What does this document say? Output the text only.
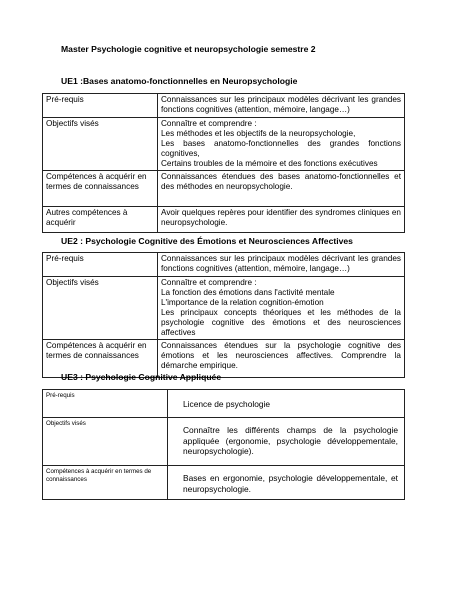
Master Psychologie cognitive et neuropsychologie semestre 2
UE1 :Bases anatomo-fonctionnelles en Neuropsychologie
Pré-requis	Connaissances sur les principaux modèles décrivant les grandes fonctions cognitives (attention, mémoire, langage…)

Objectifs visés	Connaître et comprendre :
Les méthodes et les objectifs de la neuropsychologie,
Les bases anatomo-fonctionnelles des grandes fonctions cognitives,
Certains troubles de la mémoire et des fonctions exécutives

Compétences à acquérir en termes de connaissances	Connaissances étendues des bases anatomo-fonctionnelles et des méthodes en neuropsychologie.

Autres compétences à acquérir	Avoir quelques repères pour identifier des syndromes cliniques en neuropsychologie.
UE2 : Psychologie Cognitive des Émotions et Neurosciences Affectives
Pré-requis	Connaissances sur les principaux modèles décrivant les grandes fonctions cognitives (attention, mémoire, langage…)

Objectifs visés	Connaître et comprendre :
La fonction des émotions dans l'activité mentale
L'importance de la relation cognition-émotion
Les principaux concepts théoriques et les méthodes de la psychologie cognitive des émotions et des neurosciences affectives

Compétences à acquérir en termes de connaissances	Connaissances étendues sur la psychologie cognitive des émotions et les neurosciences affectives. Comprendre la démarche empirique.
UE3 : Psychologie Cognitive Appliquée
Pré-requis	Licence de psychologie

Objectifs visés	Connaître les différents champs de la psychologie appliquée (ergonomie, psychologie développementale, neuropsychologie).

Compétences à acquérir en termes de connaissances	Bases en ergonomie, psychologie développementale, et neuropsychologie.
